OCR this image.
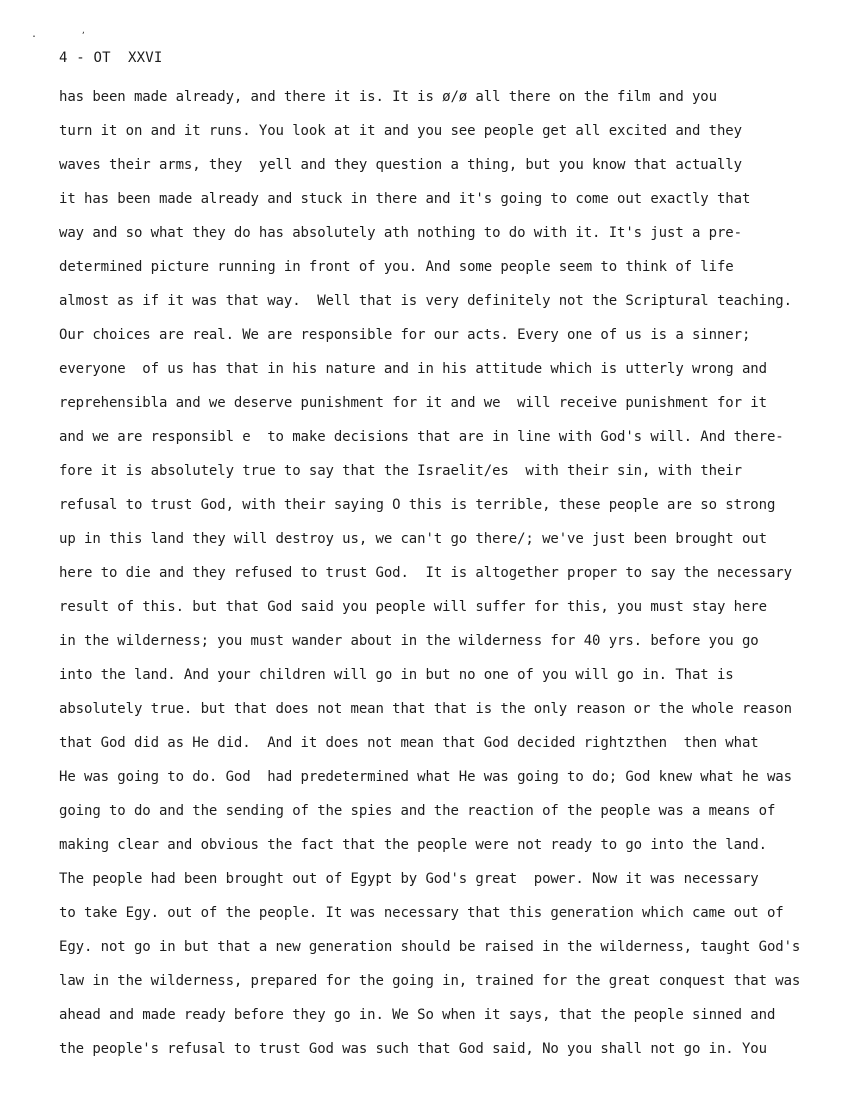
.	,
4 - OT  XXVI
has been made already, and there it is. It is ø/ø all there on the film and you
turn it on and it runs. You look at it and you see people get all excited and they
waves their arms, they  yell and they question a thing, but you know that actually
it has been made already and stuck in there and it's going to come out exactly that
way and so what they do has absolutely ath nothing to do with it. It's just a pre-
determined picture running in front of you. And some people seem to think of life
almost as if it was that way.  Well that is very definitely not the Scriptural teaching.
Our choices are real. We are responsible for our acts. Every one of us is a sinner;
everyone  of us has that in his nature and in his attitude which is utterly wrong and
reprehensibla and we deserve punishment for it and we  will receive punishment for it
and we are responsibl e  to make decisions that are in line with God's will. And there-
fore it is absolutely true to say that the Israelit/es  with their sin, with their
refusal to trust God, with their saying O this is terrible, these people are so strong
up in this land they will destroy us, we can't go there/; we've just been brought out
here to die and they refused to trust God.  It is altogether proper to say the necessary
result of this. but that God said you people will suffer for this, you must stay here
in the wilderness; you must wander about in the wilderness for 40 yrs. before you go
into the land. And your children will go in but no one of you will go in. That is
absolutely true. but that does not mean that that is the only reason or the whole reason
that God did as He did.  And it does not mean that God decided rightzthen  then what
He was going to do. God  had predetermined what He was going to do; God knew what he was
going to do and the sending of the spies and the reaction of the people was a means of
making clear and obvious the fact that the people were not ready to go into the land.
The people had been brought out of Egypt by God's great  power. Now it was necessary
to take Egy. out of the people. It was necessary that this generation which came out of
Egy. not go in but that a new generation should be raised in the wilderness, taught God's
law in the wilderness, prepared for the going in, trained for the great conquest that was
ahead and made ready before they go in. We So when it says, that the people sinned and
the people's refusal to trust God was such that God said, No you shall not go in. You
